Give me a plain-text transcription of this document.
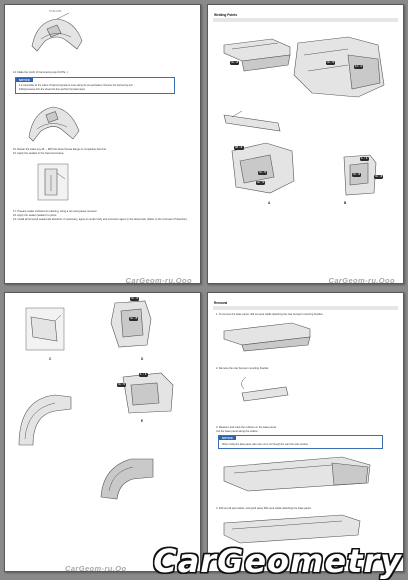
HT-83-X300
14. Make the notch of hammering cap (CUTE...)
NOTICE
It is impossible for the rollers of hammering task to move along the pre-perforation. Hammer the hammering tool
folding because from the wheel hub then perform the basic steps.
15. Repair the sides to(+15..., MP) the wheel house flange to completely hammer.
16. Apply the sealant to the hammered area.
17. Prepare sealer surfaces for painting, using a ore and grease remover.
18. Apply the sealer (sealant) to joints.
19. Install all removed sealed alsi absorber. If necessary, apply an under body anti-corrosion agent to the wheel well. (Refer to the Corrosion Protection).
CarGeom-ru.Ooo
Welding Points
G : 3	G : 5
H : 1
M : 3
G : 5
G : 5
L : 1
G : 3	G : 3
A	B
CarGeom-ru.Ooo
G : 2
G : 3
C	D
L : 1
G : 5
E
CarGeom-ru.Oo
Removal
1. To remove the base panel, drill out spot welds attaching the rear bumper mounting bracket.
2. Remove the rear bumper mounting bracket.
3. Measure and mark the outlines on the base panel.
Cut the base panel along the outline.
NOTICE
When cutting the base panel, take care not to cut through the rear floor side member.
4. Drill out all spot welds, and grind away MIG spot welds attaching the base panel.
CarGeometry
